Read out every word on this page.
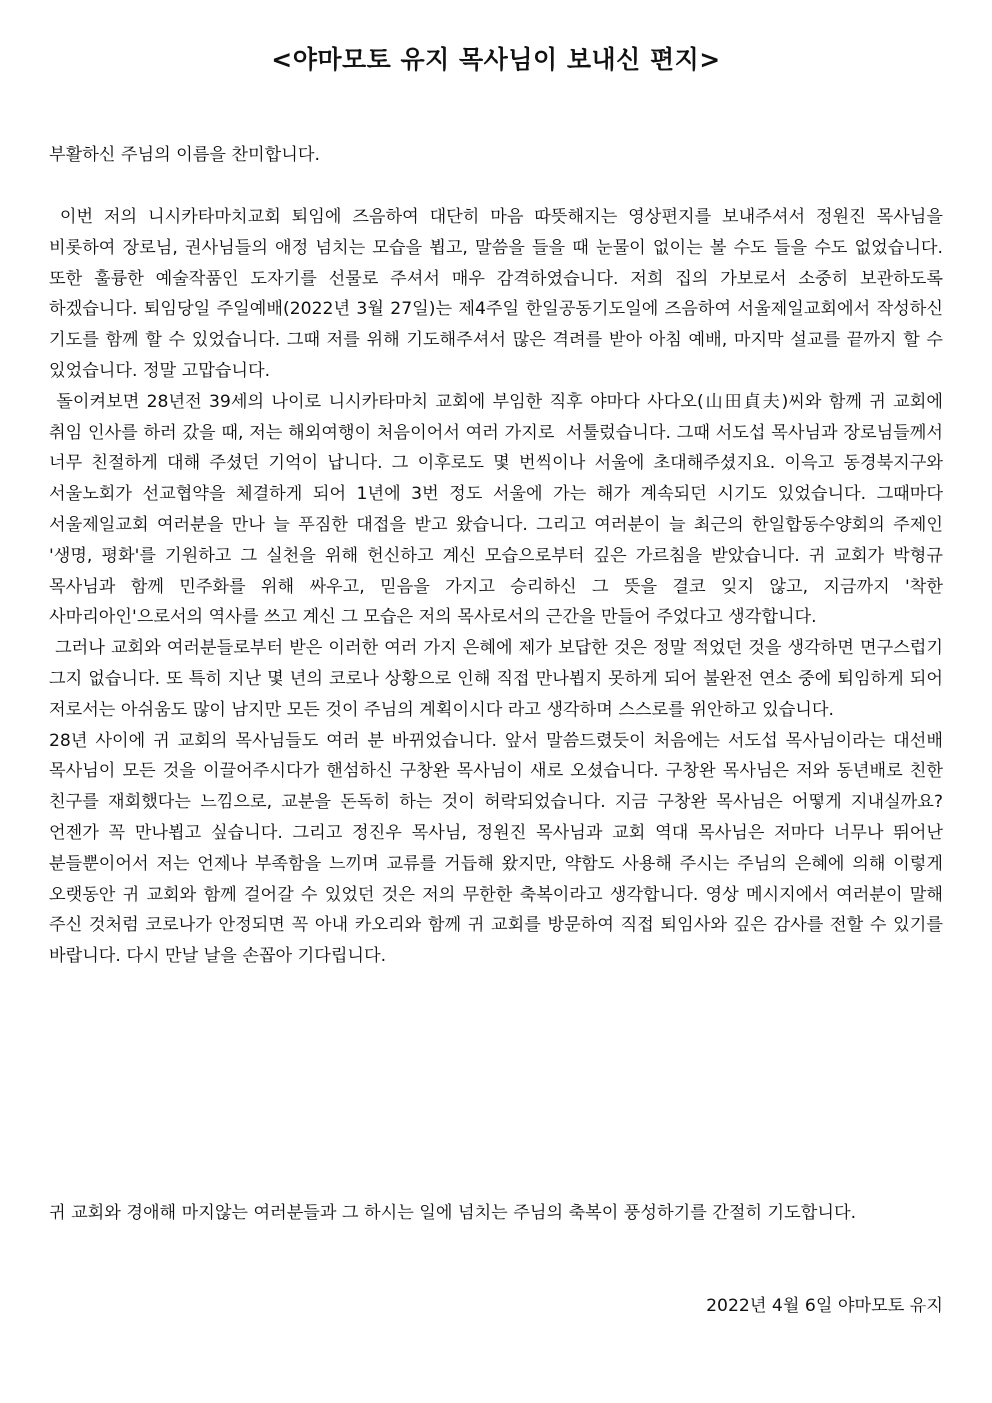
<야마모토 유지 목사님이 보내신 편지>

부활하신 주님의 이름을 찬미합니다.

이번 저의 니시카타마치교회 퇴임에 즈음하여 대단히 마음 따뜻해지는 영상편지를 보내주셔서 정원진 목사님을 비롯하여 장로님, 권사님들의 애정 넘치는 모습을 뵙고, 말씀을 들을 때 눈물이 없이는 볼 수도 들을 수도 없었습니다. 또한 훌륭한 예술작품인 도자기를 선물로 주셔서 매우 감격하였습니다. 저희 집의 가보로서 소중히 보관하도록 하겠습니다. 퇴임당일 주일예배(2022년 3월 27일)는 제4주일 한일공동기도일에 즈음하여 서울제일교회에서 작성하신 기도를 함께 할 수 있었습니다. 그때 저를 위해 기도해주셔서 많은 격려를 받아 아침 예배, 마지막 설교를 끝까지 할 수 있었습니다. 정말 고맙습니다.

돌이켜보면 28년전 39세의 나이로 니시카타마치 교회에 부임한 직후 야마다 사다오(山田貞夫)씨와 함께 귀 교회에 취임 인사를 하러 갔을 때, 저는 해외여행이 처음이어서 여러 가지로  서툴렀습니다. 그때 서도섭 목사님과 장로님들께서 너무 친절하게 대해 주셨던 기억이 납니다. 그 이후로도 몇 번씩이나 서울에 초대해주셨지요. 이윽고 동경북지구와 서울노회가 선교협약을 체결하게 되어 1년에 3번 정도 서울에 가는 해가 계속되던 시기도 있었습니다. 그때마다 서울제일교회 여러분을 만나 늘 푸짐한 대접을 받고 왔습니다. 그리고 여러분이 늘 최근의 한일합동수양회의 주제인 '생명, 평화'를 기원하고 그 실천을 위해 헌신하고 계신 모습으로부터 깊은 가르침을 받았습니다. 귀 교회가 박형규 목사님과 함께 민주화를 위해 싸우고, 믿음을 가지고 승리하신 그 뜻을 결코 잊지 않고, 지금까지 '착한 사마리아인'으로서의 역사를 쓰고 계신 그 모습은 저의 목사로서의 근간을 만들어 주었다고 생각합니다.

그러나 교회와 여러분들로부터 받은 이러한 여러 가지 은혜에 제가 보답한 것은 정말 적었던 것을 생각하면 면구스럽기 그지 없습니다. 또 특히 지난 몇 년의 코로나 상황으로 인해 직접 만나뵙지 못하게 되어 불완전 연소 중에 퇴임하게 되어 저로서는 아쉬움도 많이 남지만 모든 것이 주님의 계획이시다 라고 생각하며 스스로를 위안하고 있습니다.

28년 사이에 귀 교회의 목사님들도 여러 분 바뀌었습니다. 앞서 말씀드렸듯이 처음에는 서도섭 목사님이라는 대선배 목사님이 모든 것을 이끌어주시다가 핸섬하신 구창완 목사님이 새로 오셨습니다. 구창완 목사님은 저와 동년배로 친한 친구를 재회했다는 느낌으로, 교분을 돈독히 하는 것이 허락되었습니다. 지금 구창완 목사님은 어떻게 지내실까요? 언젠가 꼭 만나뵙고 싶습니다. 그리고 정진우 목사님, 정원진 목사님과 교회 역대 목사님은 저마다 너무나 뛰어난 분들뿐이어서 저는 언제나 부족함을 느끼며 교류를 거듭해 왔지만, 약함도 사용해 주시는 주님의 은혜에 의해 이렇게 오랫동안 귀 교회와 함께 걸어갈 수 있었던 것은 저의 무한한 축복이라고 생각합니다. 영상 메시지에서 여러분이 말해 주신 것처럼 코로나가 안정되면 꼭 아내 카오리와 함께 귀 교회를 방문하여 직접 퇴임사와 깊은 감사를 전할 수 있기를 바랍니다. 다시 만날 날을 손꼽아 기다립니다.

귀 교회와 경애해 마지않는 여러분들과 그 하시는 일에 넘치는 주님의 축복이 풍성하기를 간절히 기도합니다.

2022년 4월 6일 야마모토 유지
